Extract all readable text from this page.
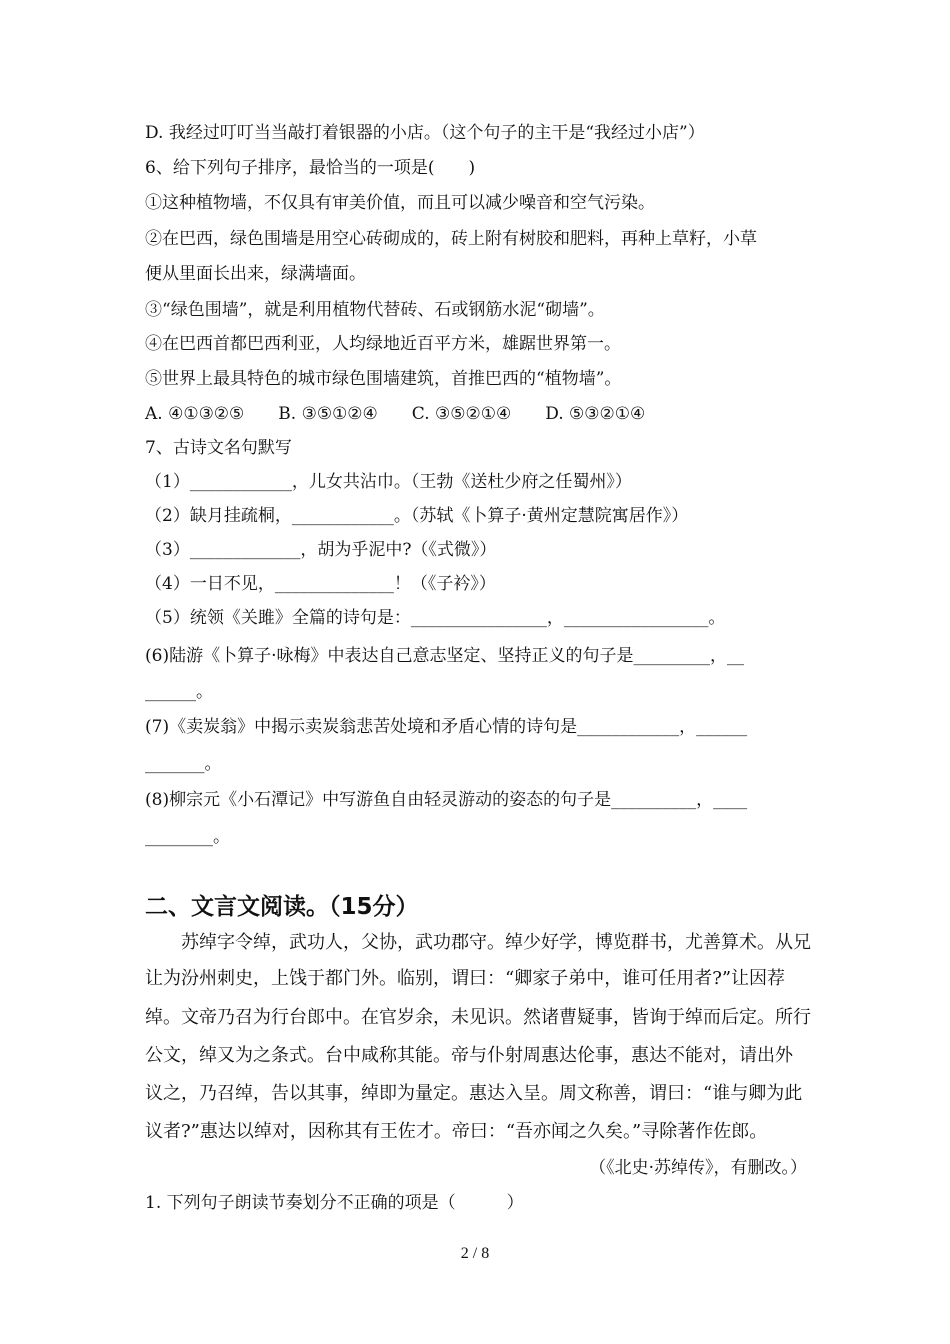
D. 我经过叮叮当当敲打着银器的小店。（这个句子的主干是“我经过小店”）
6、给下列句子排序，最恰当的一项是(　　)
①这种植物墙，不仅具有审美价值，而且可以减少噪音和空气污染。
②在巴西，绿色围墙是用空心砖砌成的，砖上附有树胶和肥料，再种上草籽，小草
便从里面长出来，绿满墙面。
③“绿色围墙”，就是利用植物代替砖、石或钢筋水泥“砌墙”。
④在巴西首都巴西利亚，人均绿地近百平方米，雄踞世界第一。
⑤世界上最具特色的城市绿色围墙建筑，首推巴西的“植物墙”。
A. ④①③②⑤　　B. ③⑤①②④　　C. ③⑤②①④　　D. ⑤③②①④
7、古诗文名句默写
（1）____________，儿女共沾巾。（王勃《送杜少府之任蜀州》）
（2）缺月挂疏桐，____________。（苏轼《卜算子·黄州定慧院寓居作》）
（3）_____________，胡为乎泥中?（《式微》）
（4）一日不见，______________！（《子衿》）
（5）统领《关雎》全篇的诗句是：________________，_________________。
(6)陆游《卜算子·咏梅》中表达自己意志坚定、坚持正义的句子是_________，__
______。
(7)《卖炭翁》中揭示卖炭翁悲苦处境和矛盾心情的诗句是____________，______
_______。
(8)柳宗元《小石潭记》中写游鱼自由轻灵游动的姿态的句子是__________，____
________。
二、文言文阅读。（15分）
　　苏绰字令绰，武功人，父协，武功郡守。绰少好学，博览群书，尤善算术。从兄
让为汾州刺史，上饯于都门外。临别，谓曰：“卿家子弟中，谁可任用者?”让因荐
绰。文帝乃召为行台郎中。在官岁余，未见识。然诸曹疑事，皆询于绰而后定。所行
公文，绰又为之条式。台中咸称其能。帝与仆射周惠达伦事，惠达不能对，请出外
议之，乃召绰，告以其事，绰即为量定。惠达入呈。周文称善，谓曰：“谁与卿为此
议者?”惠达以绰对，因称其有王佐才。帝曰：“吾亦闻之久矣。”寻除著作佐郎。
（《北史·苏绰传》，有删改。）
1. 下列句子朗读节奏划分不正确的项是（　　　）
2 / 8
